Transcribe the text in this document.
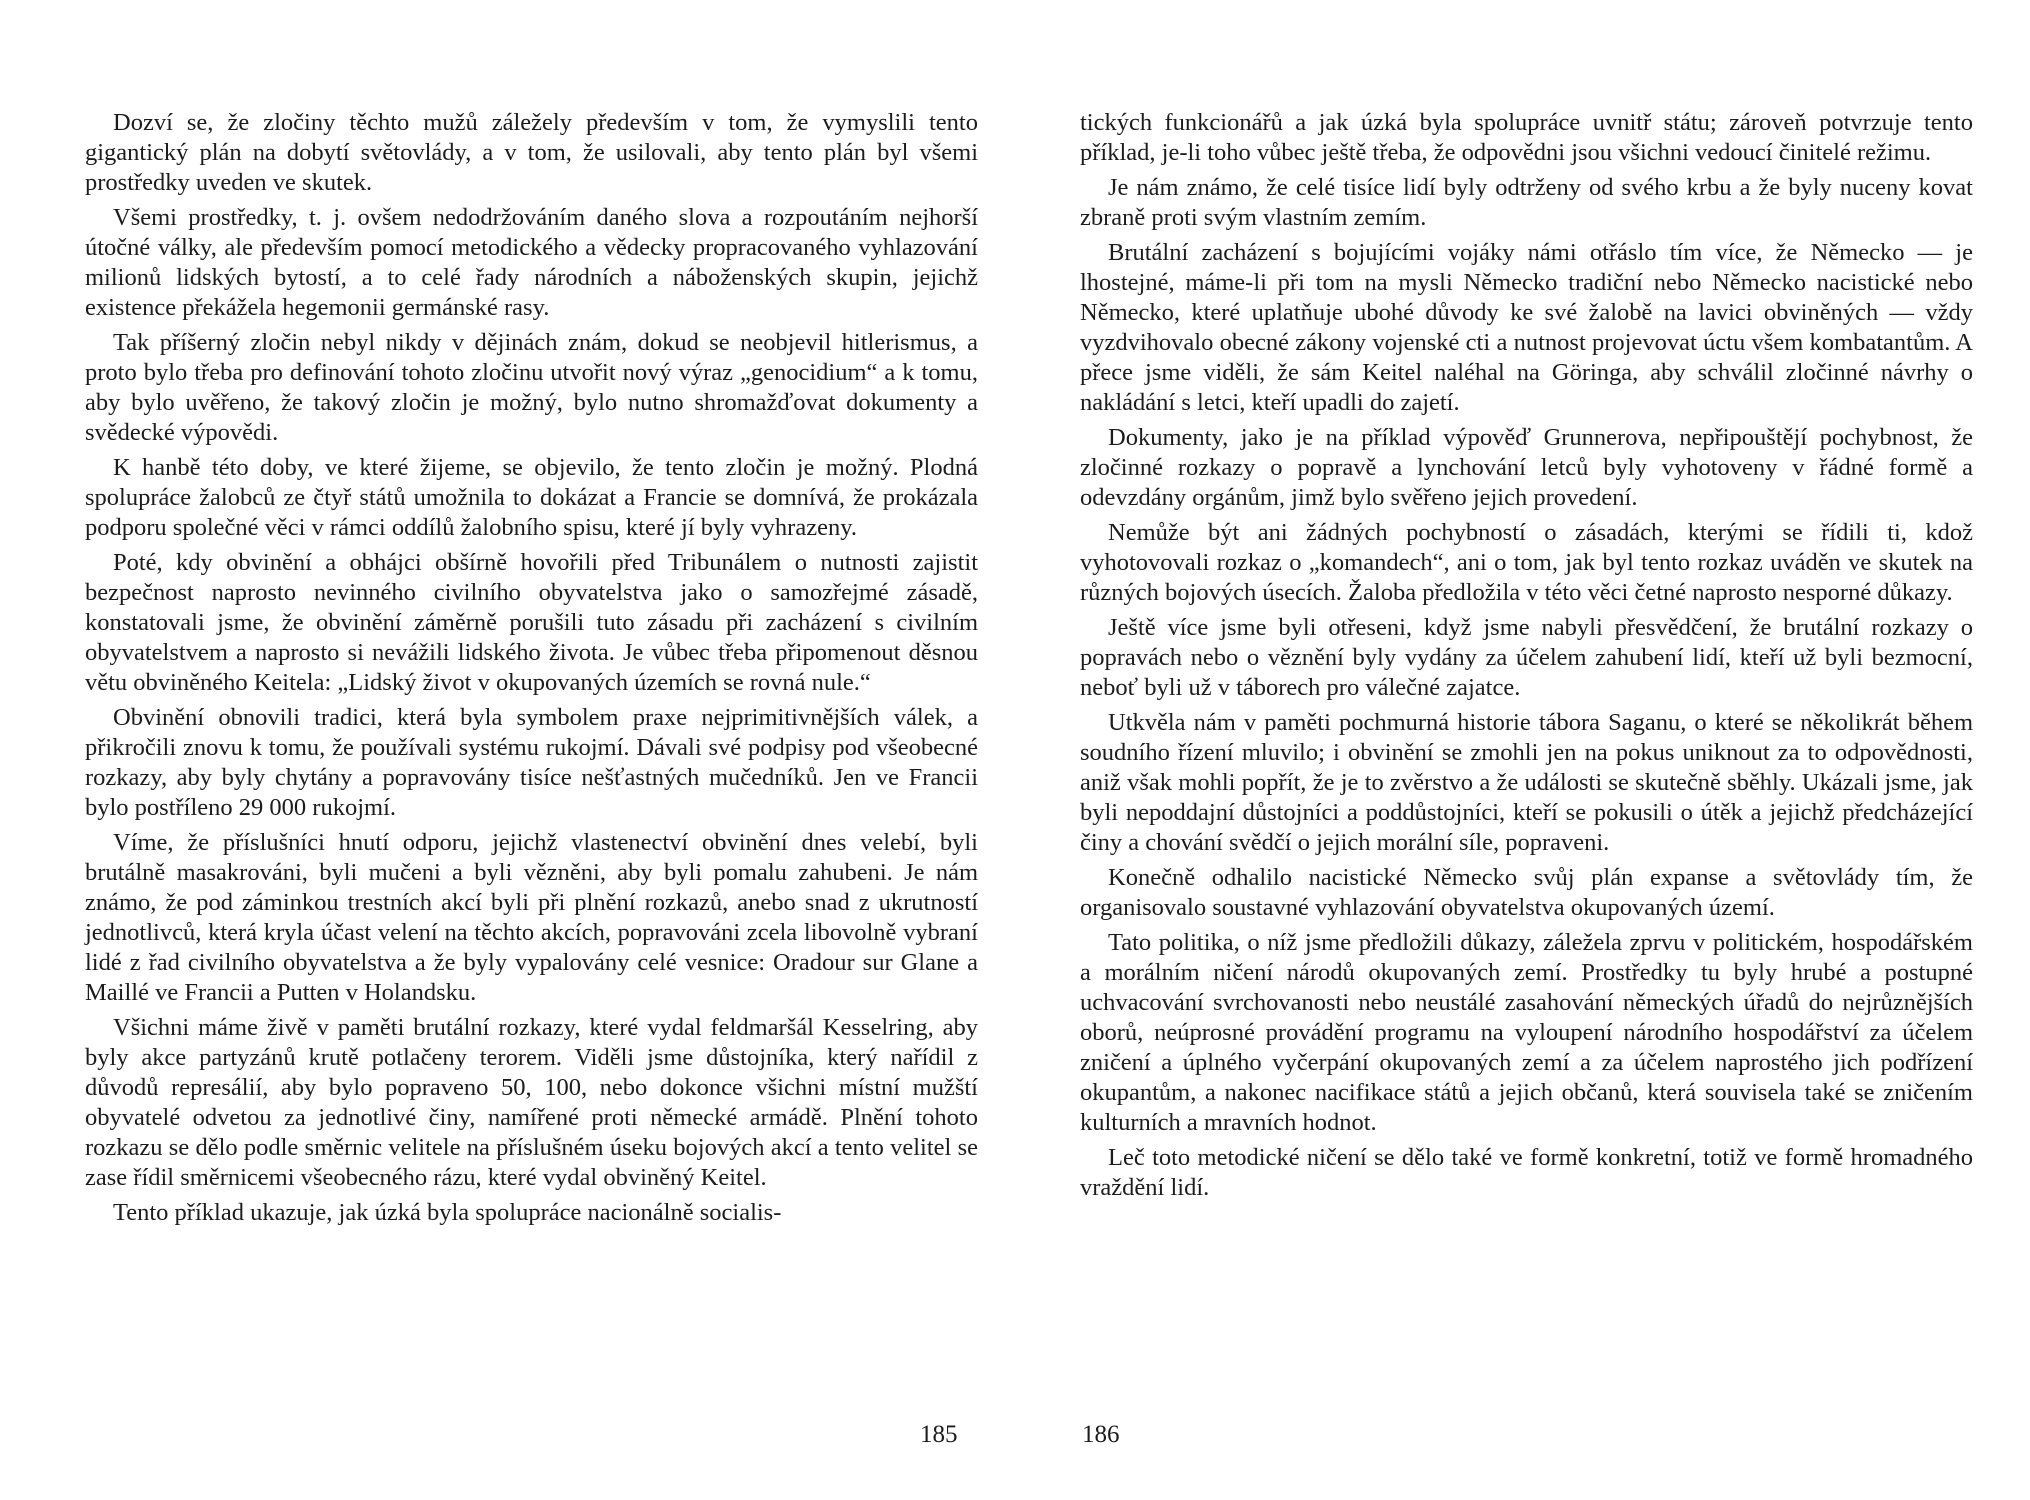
Dozví se, že zločiny těchto mužů záležely především v tom, že vymyslili tento gigantický plán na dobytí světovlády, a v tom, že usilovali, aby tento plán byl všemi prostředky uveden ve skutek.

Všemi prostředky, t. j. ovšem nedodržováním daného slova a rozpoutáním nejhorší útočné války, ale především pomocí metodického a vědecky propracovaného vyhlazování milionů lidských bytostí, a to celé řady národních a náboženských skupin, jejichž existence překážela hegemonii germánské rasy.

Tak příšerný zločin nebyl nikdy v dějinách znám, dokud se neobjevil hitlerismus, a proto bylo třeba pro definování tohoto zločinu utvořit nový výraz „genocidium“ a k tomu, aby bylo uvěřeno, že takový zločin je možný, bylo nutno shromažďovat dokumenty a svědecké výpovědi.

K hanbě této doby, ve které žijeme, se objevilo, že tento zločin je možný. Plodná spolupráce žalobců ze čtyř států umožnila to dokázat a Francie se domnívá, že prokázala podporu společné věci v rámci oddílů žalobního spisu, které jí byly vyhrazeny.

Poté, kdy obvinění a obhájci obšírně hovořili před Tribunálem o nutnosti zajistit bezpečnost naprosto nevinného civilního obyvatelstva jako o samozřejmé zásadě, konstatovali jsme, že obvinění záměrně porušili tuto zásadu při zacházení s civilním obyvatelstvem a naprosto si nevážili lidského života. Je vůbec třeba připomenout děsnou větu obviněného Keitela: „Lidský život v okupovaných územích se rovná nule.“

Obvinění obnovili tradici, která byla symbolem praxe nejprimitivnějších válek, a přikročili znovu k tomu, že používali systému rukojmí. Dávali své podpisy pod všeobecné rozkazy, aby byly chytány a popravovány tisíce nešťastných mučedníků. Jen ve Francii bylo postříleno 29 000 rukojmí.

Víme, že příslušníci hnutí odporu, jejichž vlastenectví obvinění dnes velebí, byli brutálně masakrováni, byli mučeni a byli vězněni, aby byli pomalu zahubeni. Je nám známo, že pod záminkou trestních akcí byli při plnění rozkazů, anebo snad z ukrutností jednotlivců, která kryla účast velení na těchto akcích, popravováni zcela libovolně vybraní lidé z řad civilního obyvatelstva a že byly vypalovány celé vesnice: Oradour sur Glane a Maillé ve Francii a Putten v Holandsku.

Všichni máme živě v paměti brutální rozkazy, které vydal feldmaršál Kesselring, aby byly akce partyzánů krutě potlačeny terorem. Viděli jsme důstojníka, který nařídil z důvodů represálií, aby bylo popraveno 50, 100, nebo dokonce všichni místní mužští obyvatelé odvetou za jednotlivé činy, namířené proti německé armádě. Plnění tohoto rozkazu se dělo podle směrnic velitele na příslušném úseku bojových akcí a tento velitel se zase řídil směrnicemi všeobecného rázu, které vydal obviněný Keitel.

Tento příklad ukazuje, jak úzká byla spolupráce nacionálně socialis-

185

tických funkcionářů a jak úzká byla spolupráce uvnitř státu; zároveň potvrzuje tento příklad, je-li toho vůbec ještě třeba, že odpovědni jsou všichni vedoucí činitelé režimu.

Je nám známo, že celé tisíce lidí byly odtrženy od svého krbu a že byly nuceny kovat zbraně proti svým vlastním zemím.

Brutální zacházení s bojujícími vojáky námi otřáslo tím více, že Německo — je lhostejné, máme-li při tom na mysli Německo tradiční nebo Německo nacistické nebo Německo, které uplatňuje ubohé důvody ke své žalobě na lavici obviněných — vždy vyzdvihovalo obecné zákony vojenské cti a nutnost projevovat úctu všem kombatantům. A přece jsme viděli, že sám Keitel naléhal na Göringa, aby schválil zločinné návrhy o nakládání s letci, kteří upadli do zajetí.

Dokumenty, jako je na příklad výpověď Grunnerova, nepřipouštějí pochybnost, že zločinné rozkazy o popravě a lynchování letců byly vyhotoveny v řádné formě a odevzdány orgánům, jimž bylo svěřeno jejich provedení.

Nemůže být ani žádných pochybností o zásadách, kterými se řídili ti, kdož vyhotovovali rozkaz o „komandech“, ani o tom, jak byl tento rozkaz uváděn ve skutek na různých bojových úsecích. Žaloba předložila v této věci četné naprosto nesporné důkazy.

Ještě více jsme byli otřeseni, když jsme nabyli přesvědčení, že brutální rozkazy o popravách nebo o věznění byly vydány za účelem zahubení lidí, kteří už byli bezmocní, neboť byli už v táborech pro válečné zajatce.

Utkvěla nám v paměti pochmurná historie tábora Saganu, o které se několikrát během soudního řízení mluvilo; i obvinění se zmohli jen na pokus uniknout za to odpovědnosti, aniž však mohli popřít, že je to zvěrstvo a že události se skutečně sběhly. Ukázali jsme, jak byli nepoddajní důstojníci a poddůstojníci, kteří se pokusili o útěk a jejichž předcházející činy a chování svědčí o jejich morální síle, popraveni.

Konečně odhalilo nacistické Německo svůj plán expanse a světovlády tím, že organisovalo soustavné vyhlazování obyvatelstva okupovaných území.

Tato politika, o níž jsme předložili důkazy, záležela zprvu v politickém, hospodářském a morálním ničení národů okupovaných zemí. Prostředky tu byly hrubé a postupné uchvacování svrchovanosti nebo neustálé zasahování německých úřadů do nejrůznějších oborů, neúprosné provádění programu na vyloupení národního hospodářství za účelem zničení a úplného vyčerpání okupovaných zemí a za účelem naprostého jich podřízení okupantům, a nakonec nacifikace států a jejich občanů, která souvisela také se zničením kulturních a mravních hodnot.

Leč toto metodické ničení se dělo také ve formě konkretní, totiž ve formě hromadného vraždění lidí.

186
